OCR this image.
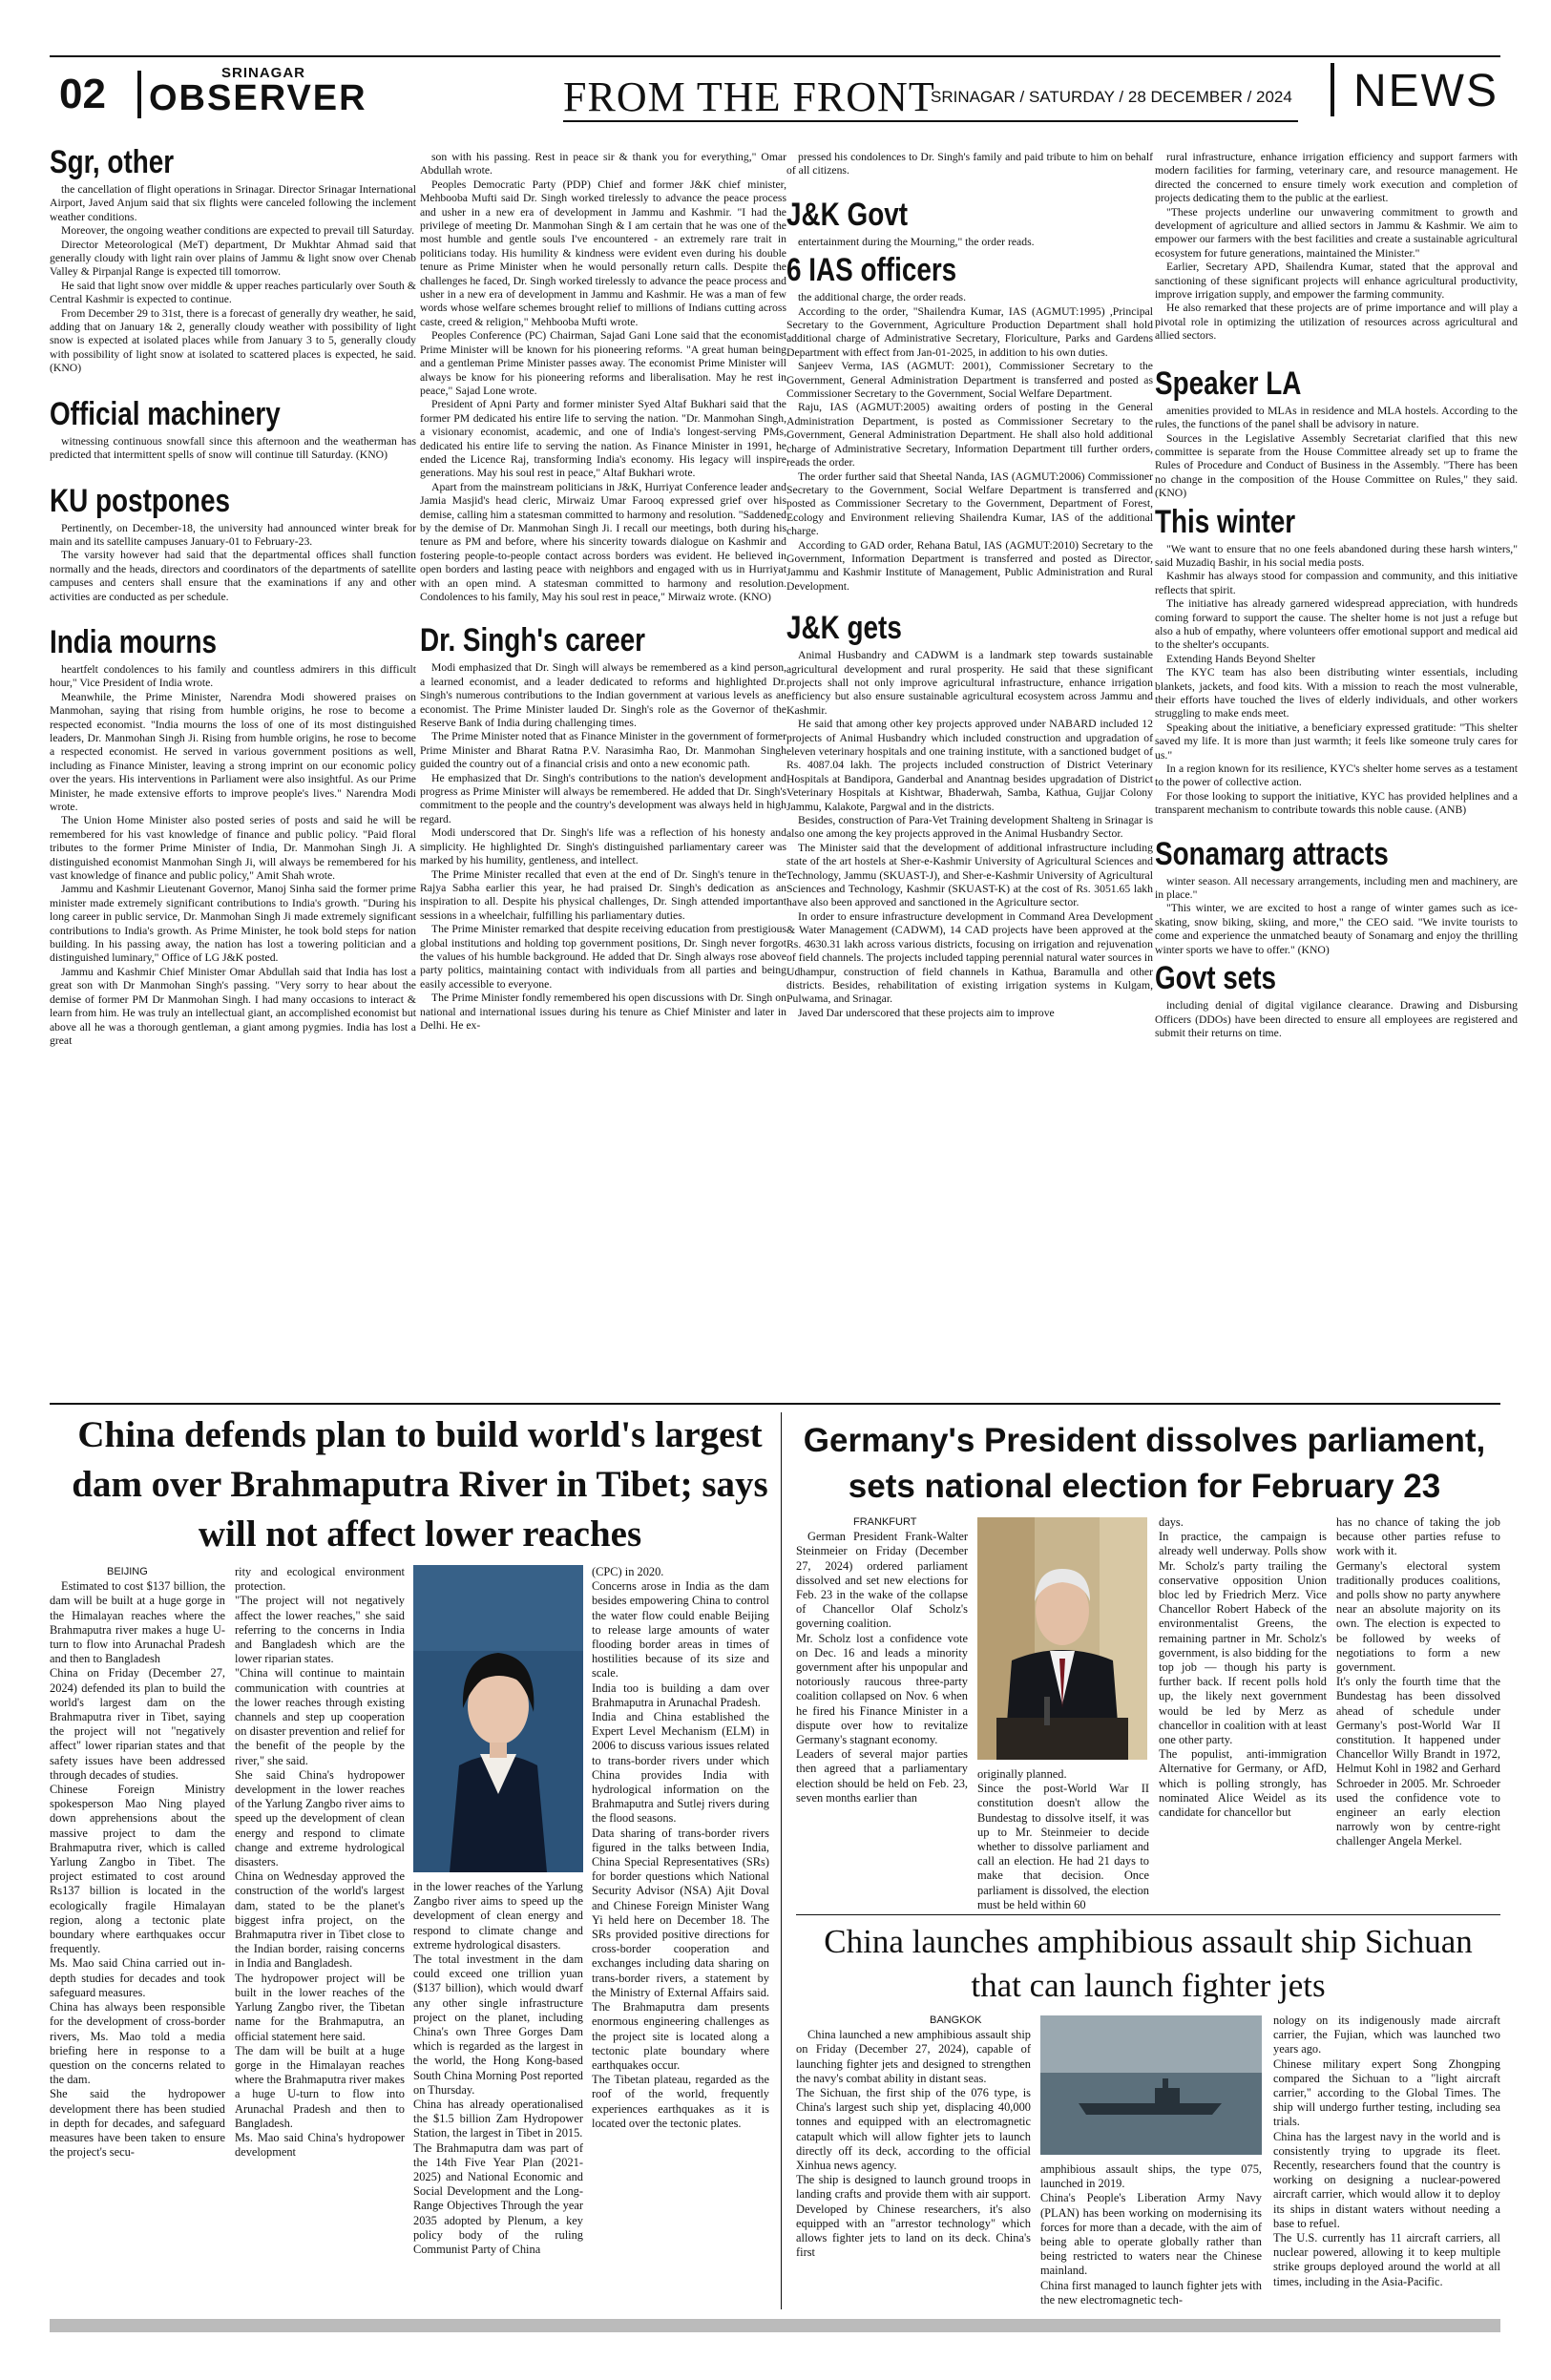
02	SRINAGAR
OBSERVER	FROM THE FRONT
SRINAGAR / SATURDAY / 28 DECEMBER / 2024 NEWS

Sgr, other

the cancellation of flight operations in Srinagar. Director Srinagar International Airport, Javed Anjum said that six flights were canceled following the inclement weather conditions.

Moreover, the ongoing weather conditions are expected to prevail till Saturday.

Director Meteorological (MeT) department, Dr Mukhtar Ahmad said that generally cloudy with light rain over plains of Jammu & light snow over Chenab Valley & Pirpanjal Range is expected till tomorrow.

He said that light snow over middle & upper reaches particularly over South & Central Kashmir is expected to continue.

From December 29 to 31st, there is a forecast of generally dry weather, he said, adding that on January 1& 2, generally cloudy weather with possibility of light snow is expected at isolated places while from January 3 to 5, generally cloudy with possibility of light snow at isolated to scattered places is expected, he said. (KNO)

Official machinery

witnessing continuous snowfall since this afternoon and the weatherman has predicted that intermittent spells of snow will continue till Saturday. (KNO)

KU postpones

Pertinently, on December-18, the university had announced winter break for main and its satellite campuses January-01 to February-23.

The varsity however had said that the departmental offices shall function normally and the heads, directors and coordinators of the departments of satellite campuses and centers shall ensure that the examinations if any and other activities are conducted as per schedule.

India mourns

heartfelt condolences to his family and countless admirers in this difficult hour," Vice President of India wrote.

Meanwhile, the Prime Minister, Narendra Modi showered praises on Manmohan, saying that rising from humble origins, he rose to become a respected economist. "India mourns the loss of one of its most distinguished leaders, Dr. Manmohan Singh Ji. Rising from humble origins, he rose to become a respected economist. He served in various government positions as well, including as Finance Minister, leaving a strong imprint on our economic policy over the years. His interventions in Parliament were also insightful. As our Prime Minister, he made extensive efforts to improve people's lives." Narendra Modi wrote.

The Union Home Minister also posted series of posts and said he will be remembered for his vast knowledge of finance and public policy. "Paid floral tributes to the former Prime Minister of India, Dr. Manmohan Singh Ji. A distinguished economist Manmohan Singh Ji, will always be remembered for his vast knowledge of finance and public policy," Amit Shah wrote.

Jammu and Kashmir Lieutenant Governor, Manoj Sinha said the former prime minister made extremely significant contributions to India's growth. "During his long career in public service, Dr. Manmohan Singh Ji made extremely significant contributions to India's growth. As Prime Minister, he took bold steps for nation building. In his passing away, the nation has lost a towering politician and a distinguished luminary," Office of LG J&K posted.

Jammu and Kashmir Chief Minister Omar Abdullah said that India has lost a great son with Dr Manmohan Singh's passing. "Very sorry to hear about the demise of former PM Dr Manmohan Singh. I had many occasions to interact & learn from him. He was truly an intellectual giant, an accomplished economist but above all he was a thorough gentleman, a giant among pygmies. India has lost a great

son with his passing. Rest in peace sir & thank you for everything," Omar Abdullah wrote.

Peoples Democratic Party (PDP) Chief and former J&K chief minister, Mehbooba Mufti said Dr. Singh worked tirelessly to advance the peace process and usher in a new era of development in Jammu and Kashmir. "I had the privilege of meeting Dr. Manmohan Singh & I am certain that he was one of the most humble and gentle souls I've encountered - an extremely rare trait in politicians today. His humility & kindness were evident even during his double tenure as Prime Minister when he would personally return calls. Despite the challenges he faced, Dr. Singh worked tirelessly to advance the peace process and usher in a new era of development in Jammu and Kashmir. He was a man of few words whose welfare schemes brought relief to millions of Indians cutting across caste, creed & religion," Mehbooba Mufti wrote.

Peoples Conference (PC) Chairman, Sajad Gani Lone said that the economist Prime Minister will be known for his pioneering reforms. "A great human being and a gentleman Prime Minister passes away. The economist Prime Minister will always be know for his pioneering reforms and liberalisation. May he rest in peace," Sajad Lone wrote.

President of Apni Party and former minister Syed Altaf Bukhari said that the former PM dedicated his entire life to serving the nation. "Dr. Manmohan Singh, a visionary economist, academic, and one of India's longest-serving PMs, dedicated his entire life to serving the nation. As Finance Minister in 1991, he ended the Licence Raj, transforming India's economy. His legacy will inspire generations. May his soul rest in peace," Altaf Bukhari wrote.

Apart from the mainstream politicians in J&K, Hurriyat Conference leader and Jamia Masjid's head cleric, Mirwaiz Umar Farooq expressed grief over his demise, calling him a statesman committed to harmony and resolution. "Saddened by the demise of Dr. Manmohan Singh Ji. I recall our meetings, both during his tenure as PM and before, where his sincerity towards dialogue on Kashmir and fostering people-to-people contact across borders was evident. He believed in open borders and lasting peace with neighbors and engaged with us in Hurriyat with an open mind. A statesman committed to harmony and resolution. Condolences to his family, May his soul rest in peace," Mirwaiz wrote. (KNO)

Dr. Singh's career

Modi emphasized that Dr. Singh will always be remembered as a kind person, a learned economist, and a leader dedicated to reforms and highlighted Dr. Singh's numerous contributions to the Indian government at various levels as an economist. The Prime Minister lauded Dr. Singh's role as the Governor of the Reserve Bank of India during challenging times.

The Prime Minister noted that as Finance Minister in the government of former Prime Minister and Bharat Ratna P.V. Narasimha Rao, Dr. Manmohan Singh guided the country out of a financial crisis and onto a new economic path.

He emphasized that Dr. Singh's contributions to the nation's development and progress as Prime Minister will always be remembered. He added that Dr. Singh's commitment to the people and the country's development was always held in high regard.

Modi underscored that Dr. Singh's life was a reflection of his honesty and simplicity. He highlighted Dr. Singh's distinguished parliamentary career was marked by his humility, gentleness, and intellect.

The Prime Minister recalled that even at the end of Dr. Singh's tenure in the Rajya Sabha earlier this year, he had praised Dr. Singh's dedication as an inspiration to all. Despite his physical challenges, Dr. Singh attended important sessions in a wheelchair, fulfilling his parliamentary duties.

The Prime Minister remarked that despite receiving education from prestigious global institutions and holding top government positions, Dr. Singh never forgot the values of his humble background. He added that Dr. Singh always rose above party politics, maintaining contact with individuals from all parties and being easily accessible to everyone.

The Prime Minister fondly remembered his open discussions with Dr. Singh on national and international issues during his tenure as Chief Minister and later in Delhi. He ex-

pressed his condolences to Dr. Singh's family and paid tribute to him on behalf of all citizens.

J&K Govt

entertainment during the Mourning," the order reads.

6 IAS officers

the additional charge, the order reads.

According to the order, "Shailendra Kumar, IAS (AGMUT:1995) ,Principal Secretary to the Government, Agriculture Production Department shall hold additional charge of Administrative Secretary, Floriculture, Parks and Gardens Department with effect from Jan-01-2025, in addition to his own duties.

Sanjeev Verma, IAS (AGMUT: 2001), Commissioner Secretary to the Government, General Administration Department is transferred and posted as Commissioner Secretary to the Government, Social Welfare Department.

Raju, IAS (AGMUT:2005) awaiting orders of posting in the General Administration Department, is posted as Commissioner Secretary to the Government, General Administration Department. He shall also hold additional charge of Administrative Secretary, Information Department till further orders, reads the order.

The order further said that Sheetal Nanda, IAS (AGMUT:2006) Commissioner Secretary to the Government, Social Welfare Department is transferred and posted as Commissioner Secretary to the Government, Department of Forest, Ecology and Environment relieving Shailendra Kumar, IAS of the additional charge.

According to GAD order, Rehana Batul, IAS (AGMUT:2010) Secretary to the Government, Information Department is transferred and posted as Director, Jammu and Kashmir Institute of Management, Public Administration and Rural Development.

J&K gets

Animal Husbandry and CADWM is a landmark step towards sustainable agricultural development and rural prosperity. He said that these significant projects shall not only improve agricultural infrastructure, enhance irrigation efficiency but also ensure sustainable agricultural ecosystem across Jammu and Kashmir.

He said that among other key projects approved under NABARD included 12 projects of Animal Husbandry which included construction and upgradation of eleven veterinary hospitals and one training institute, with a sanctioned budget of Rs. 4087.04 lakh. The projects included construction of District Veterinary Hospitals at Bandipora, Ganderbal and Anantnag besides upgradation of District Veterinary Hospitals at Kishtwar, Bhaderwah, Samba, Kathua, Gujjar Colony Jammu, Kalakote, Pargwal and in the districts.

Besides, construction of Para-Vet Training development Shalteng in Srinagar is also one among the key projects approved in the Animal Husbandry Sector.

The Minister said that the development of additional infrastructure including state of the art hostels at Sher-e-Kashmir University of Agricultural Sciences and Technology, Jammu (SKUAST-J), and Sher-e-Kashmir University of Agricultural Sciences and Technology, Kashmir (SKUAST-K) at the cost of Rs. 3051.65 lakh have also been approved and sanctioned in the Agriculture sector.

In order to ensure infrastructure development in Command Area Development & Water Management (CADWM), 14 CAD projects have been approved at the Rs. 4630.31 lakh across various districts, focusing on irrigation and rejuvenation of field channels. The projects included tapping perennial natural water sources in Udhampur, construction of field channels in Kathua, Baramulla and other districts. Besides, rehabilitation of existing irrigation systems in Kulgam, Pulwama, and Srinagar.

Javed Dar underscored that these projects aim to improve

rural infrastructure, enhance irrigation efficiency and support farmers with modern facilities for farming, veterinary care, and resource management. He directed the concerned to ensure timely work execution and completion of projects dedicating them to the public at the earliest.

"These projects underline our unwavering commitment to growth and development of agriculture and allied sectors in Jammu & Kashmir. We aim to empower our farmers with the best facilities and create a sustainable agricultural ecosystem for future generations, maintained the Minister."

Earlier, Secretary APD, Shailendra Kumar, stated that the approval and sanctioning of these significant projects will enhance agricultural productivity, improve irrigation supply, and empower the farming community.

He also remarked that these projects are of prime importance and will play a pivotal role in optimizing the utilization of resources across agricultural and allied sectors.

Speaker LA

amenities provided to MLAs in residence and MLA hostels. According to the rules, the functions of the panel shall be advisory in nature.

Sources in the Legislative Assembly Secretariat clarified that this new committee is separate from the House Committee already set up to frame the Rules of Procedure and Conduct of Business in the Assembly. "There has been no change in the composition of the House Committee on Rules," they said. (KNO)

This winter

"We want to ensure that no one feels abandoned during these harsh winters," said Muzadiq Bashir, in his social media posts.

Kashmir has always stood for compassion and community, and this initiative reflects that spirit.

The initiative has already garnered widespread appreciation, with hundreds coming forward to support the cause. The shelter home is not just a refuge but also a hub of empathy, where volunteers offer emotional support and medical aid to the shelter's occupants.

Extending Hands Beyond Shelter

The KYC team has also been distributing winter essentials, including blankets, jackets, and food kits. With a mission to reach the most vulnerable, their efforts have touched the lives of elderly individuals, and other workers struggling to make ends meet.

Speaking about the initiative, a beneficiary expressed gratitude: "This shelter saved my life. It is more than just warmth; it feels like someone truly cares for us."

In a region known for its resilience, KYC's shelter home serves as a testament to the power of collective action.

For those looking to support the initiative, KYC has provided helplines and a transparent mechanism to contribute towards this noble cause. (ANB)

Sonamarg attracts

winter season. All necessary arrangements, including men and machinery, are in place."

"This winter, we are excited to host a range of winter games such as ice-skating, snow biking, skiing, and more," the CEO said. "We invite tourists to come and experience the unmatched beauty of Sonamarg and enjoy the thrilling winter sports we have to offer." (KNO)

Govt sets

including denial of digital vigilance clearance. Drawing and Disbursing Officers (DDOs) have been directed to ensure all employees are registered and submit their returns on time.

China defends plan to build world's largest dam over Brahmaputra River in Tibet; says will not affect lower reaches

BEIJING

Estimated to cost $137 billion, the dam will be built at a huge gorge in the Himalayan reaches where the Brahmaputra river makes a huge U-turn to flow into Arunachal Pradesh and then to Bangladesh
China on Friday (December 27, 2024) defended its plan to build the world's largest dam on the Brahmaputra river in Tibet, saying the project will not "negatively affect" lower riparian states and that safety issues have been addressed through decades of studies.
Chinese Foreign Ministry spokesperson Mao Ning played down apprehensions about the massive project to dam the Brahmaputra river, which is called Yarlung Zangbo in Tibet. The project estimated to cost around Rs137 billion is located in the ecologically fragile Himalayan region, along a tectonic plate boundary where earthquakes occur frequently.
Ms. Mao said China carried out in-depth studies for decades and took safeguard measures.
China has always been responsible for the development of cross-border rivers, Ms. Mao told a media briefing here in response to a question on the concerns related to the dam.
She said the hydropower development there has been studied in depth for decades, and safeguard measures have been taken to ensure the project's secu-

rity and ecological environment protection.
"The project will not negatively affect the lower reaches," she said referring to the concerns in India and Bangladesh which are the lower riparian states.
"China will continue to maintain communication with countries at the lower reaches through existing channels and step up cooperation on disaster prevention and relief for the benefit of the people by the river," she said.
She said China's hydropower development in the lower reaches of the Yarlung Zangbo river aims to speed up the development of clean energy and respond to climate change and extreme hydrological disasters.
China on Wednesday approved the construction of the world's largest dam, stated to be the planet's biggest infra project, on the Brahmaputra river in Tibet close to the Indian border, raising concerns in India and Bangladesh.
The hydropower project will be built in the lower reaches of the Yarlung Zangbo river, the Tibetan name for the Brahmaputra, an official statement here said.
The dam will be built at a huge gorge in the Himalayan reaches where the Brahmaputra river makes a huge U-turn to flow into Arunachal Pradesh and then to Bangladesh.
Ms. Mao said China's hydropower development

in the lower reaches of the Yarlung Zangbo river aims to speed up the development of clean energy and respond to climate change and extreme hydrological disasters.
The total investment in the dam could exceed one trillion yuan ($137 billion), which would dwarf any other single infrastructure project on the planet, including China's own Three Gorges Dam which is regarded as the largest in the world, the Hong Kong-based South China Morning Post reported on Thursday.
China has already operationalised the $1.5 billion Zam Hydropower Station, the largest in Tibet in 2015.
The Brahmaputra dam was part of the 14th Five Year Plan (2021-2025) and National Economic and Social Development and the Long-Range Objectives Through the year 2035 adopted by Plenum, a key policy body of the ruling Communist Party of China

(CPC) in 2020.
Concerns arose in India as the dam besides empowering China to control the water flow could enable Beijing to release large amounts of water flooding border areas in times of hostilities because of its size and scale.
India too is building a dam over Brahmaputra in Arunachal Pradesh.
India and China established the Expert Level Mechanism (ELM) in 2006 to discuss various issues related to trans-border rivers under which China provides India with hydrological information on the Brahmaputra and Sutlej rivers during the flood seasons.
Data sharing of trans-border rivers figured in the talks between India, China Special Representatives (SRs) for border questions which National Security Advisor (NSA) Ajit Doval and Chinese Foreign Minister Wang Yi held here on December 18. The SRs provided positive directions for cross-border cooperation and exchanges including data sharing on trans-border rivers, a statement by the Ministry of External Affairs said. The Brahmaputra dam presents enormous engineering challenges as the project site is located along a tectonic plate boundary where earthquakes occur.
The Tibetan plateau, regarded as the roof of the world, frequently experiences earthquakes as it is located over the tectonic plates.

Germany's President dissolves parliament, sets national election for February 23

FRANKFURT

German President Frank-Walter Steinmeier on Friday (December 27, 2024) ordered parliament dissolved and set new elections for Feb. 23 in the wake of the collapse of Chancellor Olaf Scholz's governing coalition.
Mr. Scholz lost a confidence vote on Dec. 16 and leads a minority government after his unpopular and notoriously raucous three-party coalition collapsed on Nov. 6 when he fired his Finance Minister in a dispute over how to revitalize Germany's stagnant economy.
Leaders of several major parties then agreed that a parliamentary election should be held on Feb. 23, seven months earlier than

originally planned.
Since the post-World War II constitution doesn't allow the Bundestag to dissolve itself, it was up to Mr. Steinmeier to decide whether to dissolve parliament and call an election. He had 21 days to make that decision. Once parliament is dissolved, the election must be held within 60

days.
In practice, the campaign is already well underway. Polls show Mr. Scholz's party trailing the conservative opposition Union bloc led by Friedrich Merz. Vice Chancellor Robert Habeck of the environmentalist Greens, the remaining partner in Mr. Scholz's government, is also bidding for the top job — though his party is further back. If recent polls hold up, the likely next government would be led by Merz as chancellor in coalition with at least one other party.
The populist, anti-immigration Alternative for Germany, or AfD, which is polling strongly, has nominated Alice Weidel as its candidate for chancellor but

has no chance of taking the job because other parties refuse to work with it.
Germany's electoral system traditionally produces coalitions, and polls show no party anywhere near an absolute majority on its own. The election is expected to be followed by weeks of negotiations to form a new government.
It's only the fourth time that the Bundestag has been dissolved ahead of schedule under Germany's post-World War II constitution. It happened under Chancellor Willy Brandt in 1972, Helmut Kohl in 1982 and Gerhard Schroeder in 2005. Mr. Schroeder used the confidence vote to engineer an early election narrowly won by centre-right challenger Angela Merkel.

China launches amphibious assault ship Sichuan that can launch fighter jets

BANGKOK

China launched a new amphibious assault ship on Friday (December 27, 2024), capable of launching fighter jets and designed to strengthen the navy's combat ability in distant seas.
The Sichuan, the first ship of the 076 type, is China's largest such ship yet, displacing 40,000 tonnes and equipped with an electromagnetic catapult which will allow fighter jets to launch directly off its deck, according to the official Xinhua news agency.
The ship is designed to launch ground troops in landing crafts and provide them with air support. Developed by Chinese researchers, it's also equipped with an "arrestor technology" which allows fighter jets to land on its deck. China's first

amphibious assault ships, the type 075, launched in 2019.
China's People's Liberation Army Navy (PLAN) has been working on modernising its forces for more than a decade, with the aim of being able to operate globally rather than being restricted to waters near the Chinese mainland.
China first managed to launch fighter jets with the new electromagnetic tech-

nology on its indigenously made aircraft carrier, the Fujian, which was launched two years ago.
Chinese military expert Song Zhongping compared the Sichuan to a "light aircraft carrier," according to the Global Times. The ship will undergo further testing, including sea trials.
China has the largest navy in the world and is consistently trying to upgrade its fleet. Recently, researchers found that the country is working on designing a nuclear-powered aircraft carrier, which would allow it to deploy its ships in distant waters without needing a base to refuel.
The U.S. currently has 11 aircraft carriers, all nuclear powered, allowing it to keep multiple strike groups deployed around the world at all times, including in the Asia-Pacific.
